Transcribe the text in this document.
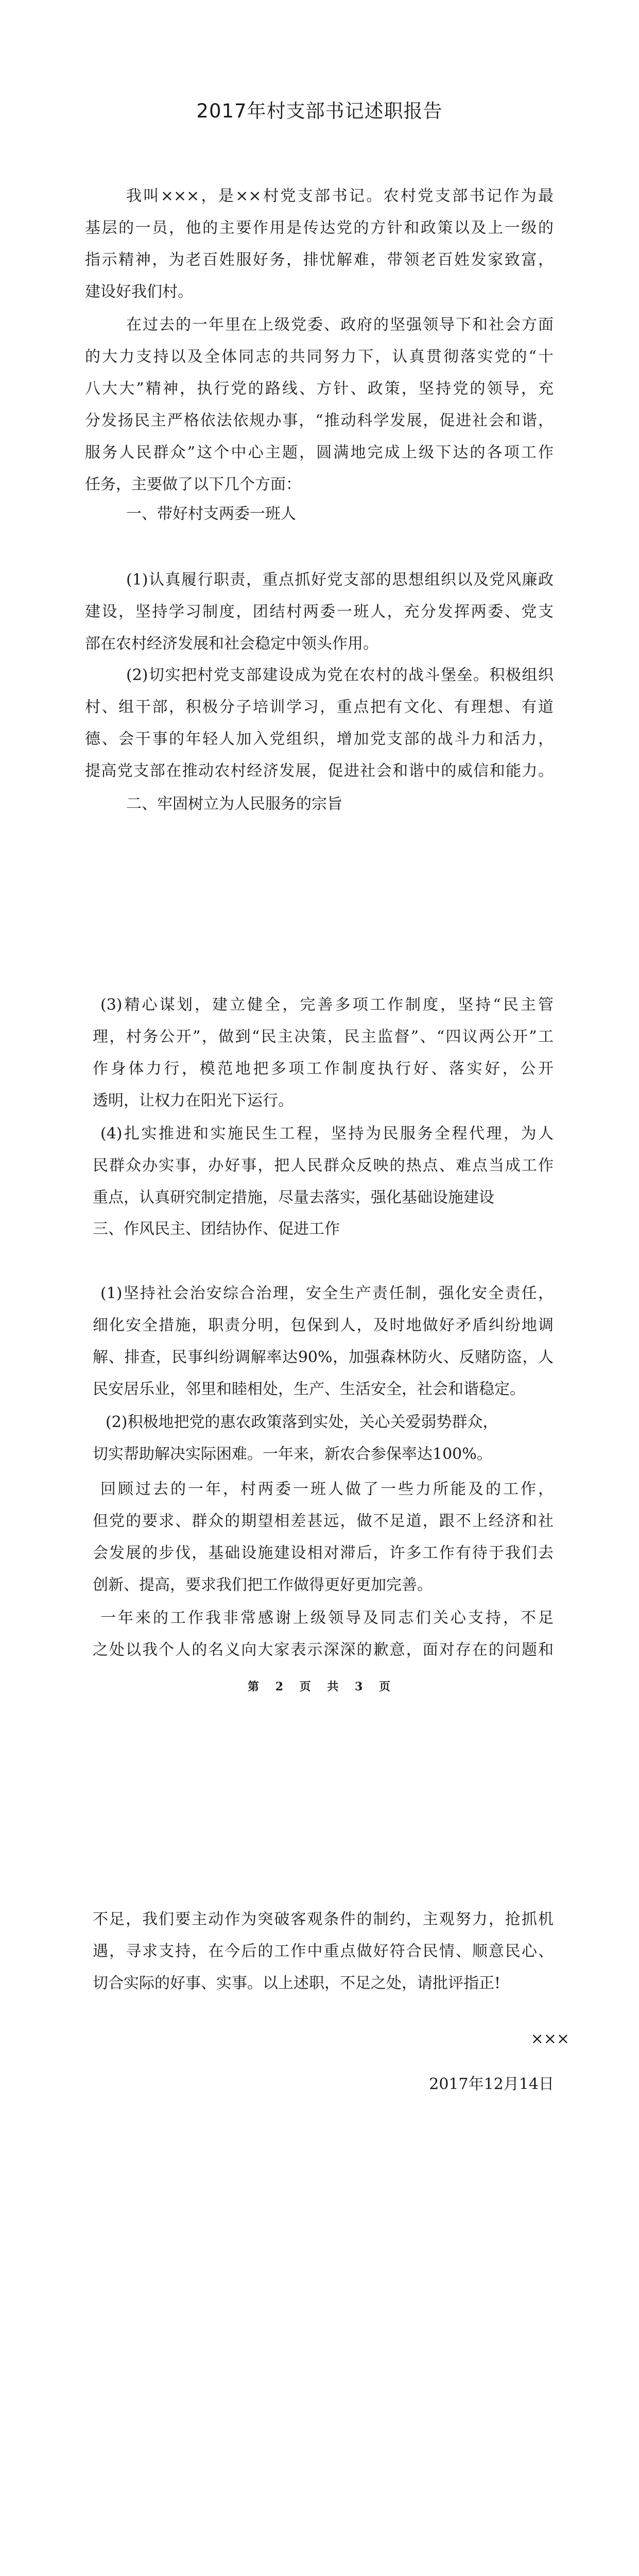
2017年村支部书记述职报告
我叫×××，是××村党支部书记。农村党支部书记作为最
基层的一员，他的主要作用是传达党的方针和政策以及上一级的
指示精神，为老百姓服好务，排忧解难，带领老百姓发家致富，
建设好我们村。
在过去的一年里在上级党委、政府的坚强领导下和社会方面
的大力支持以及全体同志的共同努力下，认真贯彻落实党的“十
八大大”精神，执行党的路线、方针、政策，坚持党的领导，充
分发扬民主严格依法依规办事，“推动科学发展，促进社会和谐，
服务人民群众”这个中心主题，圆满地完成上级下达的各项工作
任务，主要做了以下几个方面：
一、带好村支两委一班人
(1)认真履行职责，重点抓好党支部的思想组织以及党风廉政
建设，坚持学习制度，团结村两委一班人，充分发挥两委、党支
部在农村经济发展和社会稳定中领头作用。
(2)切实把村党支部建设成为党在农村的战斗堡垒。积极组织
村、组干部，积极分子培训学习，重点把有文化、有理想、有道
德、会干事的年轻人加入党组织，增加党支部的战斗力和活力，
提高党支部在推动农村经济发展，促进社会和谐中的威信和能力。
二、牢固树立为人民服务的宗旨
(3)精心谋划，建立健全，完善多项工作制度，坚持“民主管
理，村务公开”，做到“民主决策，民主监督”、“四议两公开”工
作身体力行，模范地把多项工作制度执行好、落实好，公开
透明，让权力在阳光下运行。
(4)扎实推进和实施民生工程，坚持为民服务全程代理，为人
民群众办实事，办好事，把人民群众反映的热点、难点当成工作
重点，认真研究制定措施，尽量去落实，强化基础设施建设
三、作风民主、团结协作、促进工作
(1)坚持社会治安综合治理，安全生产责任制，强化安全责任，
细化安全措施，职责分明，包保到人，及时地做好矛盾纠纷地调
解、排查，民事纠纷调解率达90%，加强森林防火、反赌防盗，人
民安居乐业，邻里和睦相处，生产、生活安全，社会和谐稳定。
(2)积极地把党的惠农政策落到实处，关心关爱弱势群众，
切实帮助解决实际困难。一年来，新农合参保率达100%。
回顾过去的一年，村两委一班人做了一些力所能及的工作，
但党的要求、群众的期望相差甚远，做不足道，跟不上经济和社
会发展的步伐，基础设施建设相对滞后，许多工作有待于我们去
创新、提高，要求我们把工作做得更好更加完善。
一年来的工作我非常感谢上级领导及同志们关心支持，不足
之处以我个人的名义向大家表示深深的歉意，面对存在的问题和
第 2 页 共 3 页
不足，我们要主动作为突破客观条件的制约，主观努力，抢抓机
遇，寻求支持，在今后的工作中重点做好符合民情、顺意民心、
切合实际的好事、实事。以上述职，不足之处，请批评指正!
×××
2017年12月14日
